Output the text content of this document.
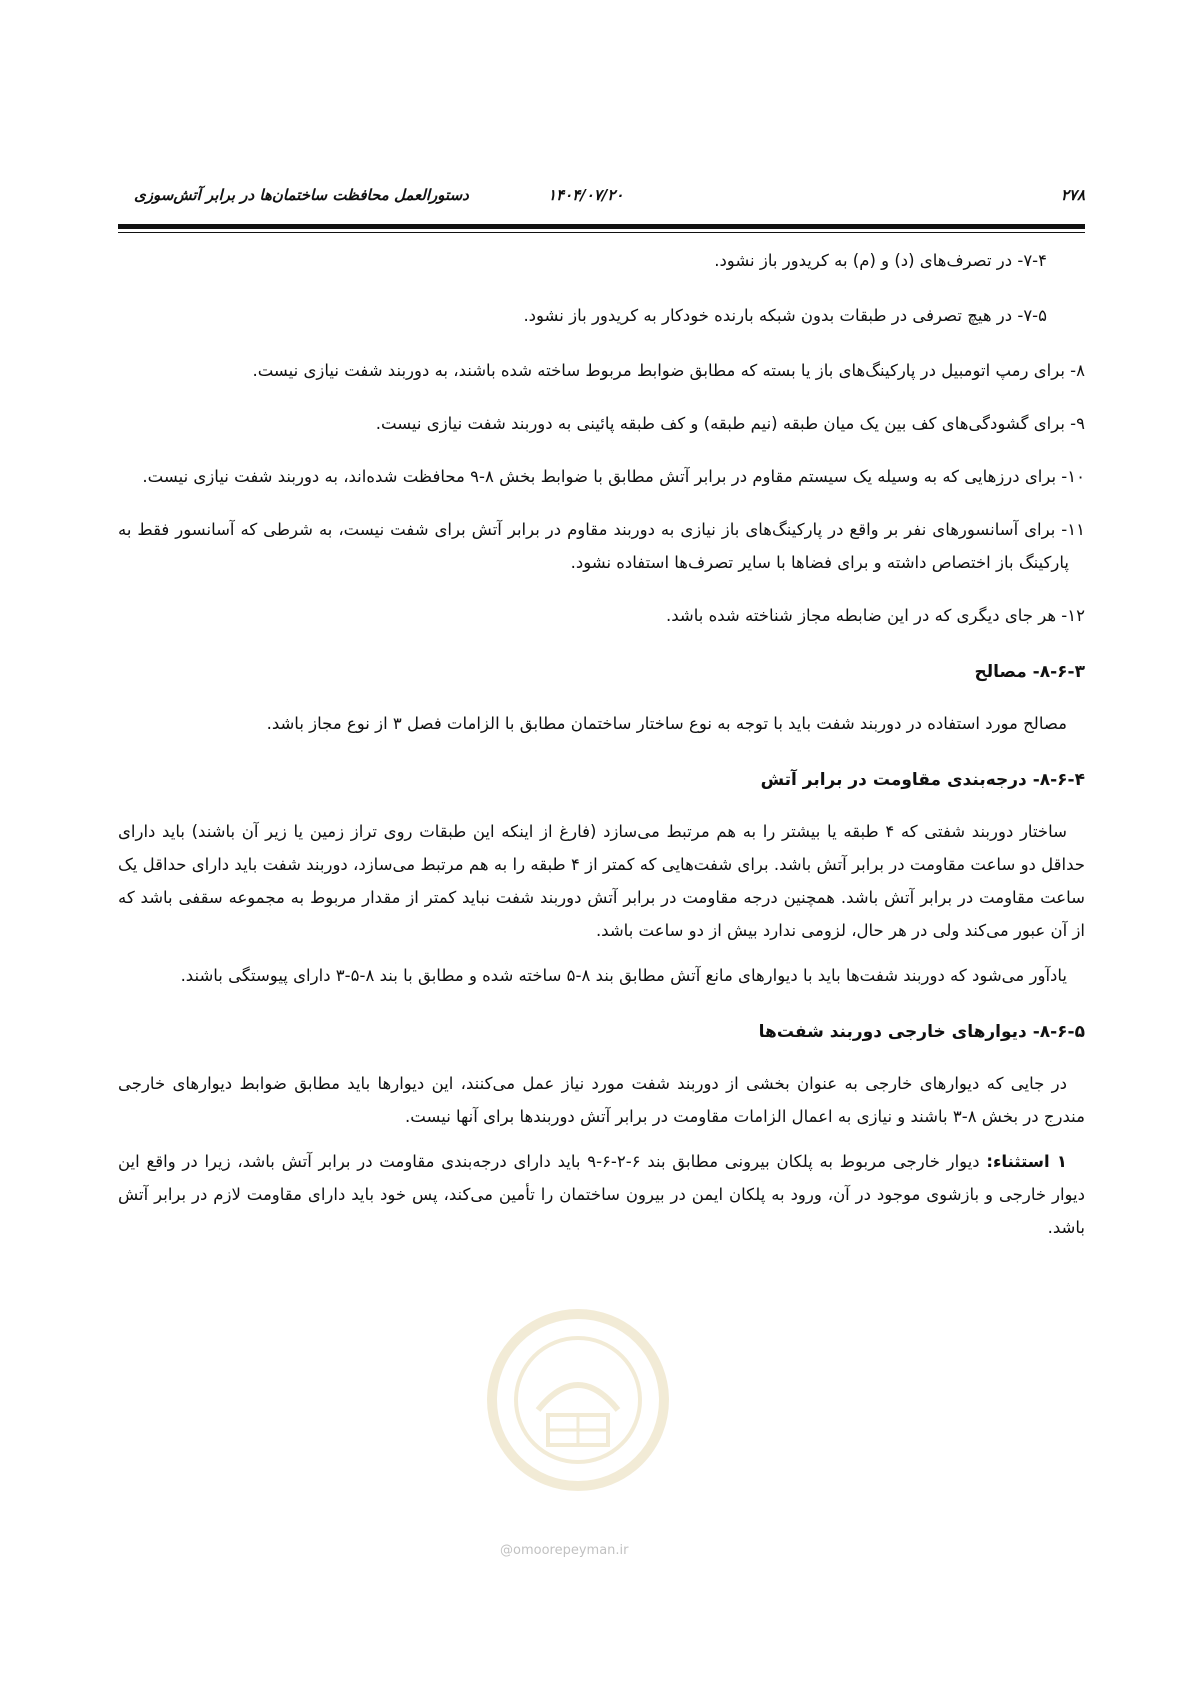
۲۷۸
۱۴۰۴/۰۷/۲۰
دستورالعمل محافظت ساختمان‌ها در برابر آتش‌سوزی

۷-۴- در تصرف‌های (د) و (م) به کریدور باز نشود.

۷-۵- در هیچ تصرفی در طبقات بدون شبکه بارنده خودکار به کریدور باز نشود.

۸- برای رمپ اتومبیل در پارکینگ‌های باز یا بسته که مطابق ضوابط مربوط ساخته شده باشند، به دوربند شفت نیازی نیست.

۹- برای گشودگی‌های کف بین یک میان طبقه (نیم طبقه) و کف طبقه پائینی به دوربند شفت نیازی نیست.

۱۰- برای درزهایی که به وسیله یک سیستم مقاوم در برابر آتش مطابق با ضوابط بخش ۸-۹ محافظت شده‌اند، به دوربند شفت نیازی نیست.

۱۱- برای آسانسورهای نفر بر واقع در پارکینگ‌های باز نیازی به دوربند مقاوم در برابر آتش برای شفت نیست، به شرطی که آسانسور فقط به پارکینگ باز اختصاص داشته و برای فضاها با سایر تصرف‌ها استفاده نشود.

۱۲- هر جای دیگری که در این ضابطه مجاز شناخته شده باشد.

۸-۶-۳- مصالح

مصالح مورد استفاده در دوربند شفت باید با توجه به نوع ساختار ساختمان مطابق با الزامات فصل ۳ از نوع مجاز باشد.

۸-۶-۴- درجه‌بندی مقاومت در برابر آتش

ساختار دوربند شفتی که ۴ طبقه یا بیشتر را به هم مرتبط می‌سازد (فارغ از اینکه این طبقات روی تراز زمین یا زیر آن باشند) باید دارای حداقل دو ساعت مقاومت در برابر آتش باشد. برای شفت‌هایی که کمتر از ۴ طبقه را به هم مرتبط می‌سازد، دوربند شفت باید دارای حداقل یک ساعت مقاومت در برابر آتش باشد. همچنین درجه مقاومت در برابر آتش دوربند شفت نباید کمتر از مقدار مربوط به مجموعه سقفی باشد که از آن عبور می‌کند ولی در هر حال، لزومی ندارد بیش از دو ساعت باشد.

یادآور می‌شود که دوربند شفت‌ها باید با دیوارهای مانع آتش مطابق بند ۸-۵ ساخته شده و مطابق با بند ۸-۵-۳ دارای پیوستگی باشند.

۸-۶-۵- دیوارهای خارجی دوربند شفت‌ها

در جایی که دیوارهای خارجی به عنوان بخشی از دوربند شفت مورد نیاز عمل می‌کنند، این دیوارها باید مطابق ضوابط دیوارهای خارجی مندرج در بخش ۸-۳ باشند و نیازی به اعمال الزامات مقاومت در برابر آتش دوربندها برای آنها نیست.

۱ استثناء: دیوار خارجی مربوط به پلکان بیرونی مطابق بند ۶-۲-۶-۹ باید دارای درجه‌بندی مقاومت در برابر آتش باشد، زیرا در واقع این دیوار خارجی و بازشوی موجود در آن، ورود به پلکان ایمن در بیرون ساختمان را تأمین می‌کند، پس خود باید دارای مقاومت لازم در برابر آتش باشد.

@omoorepeyman.ir
